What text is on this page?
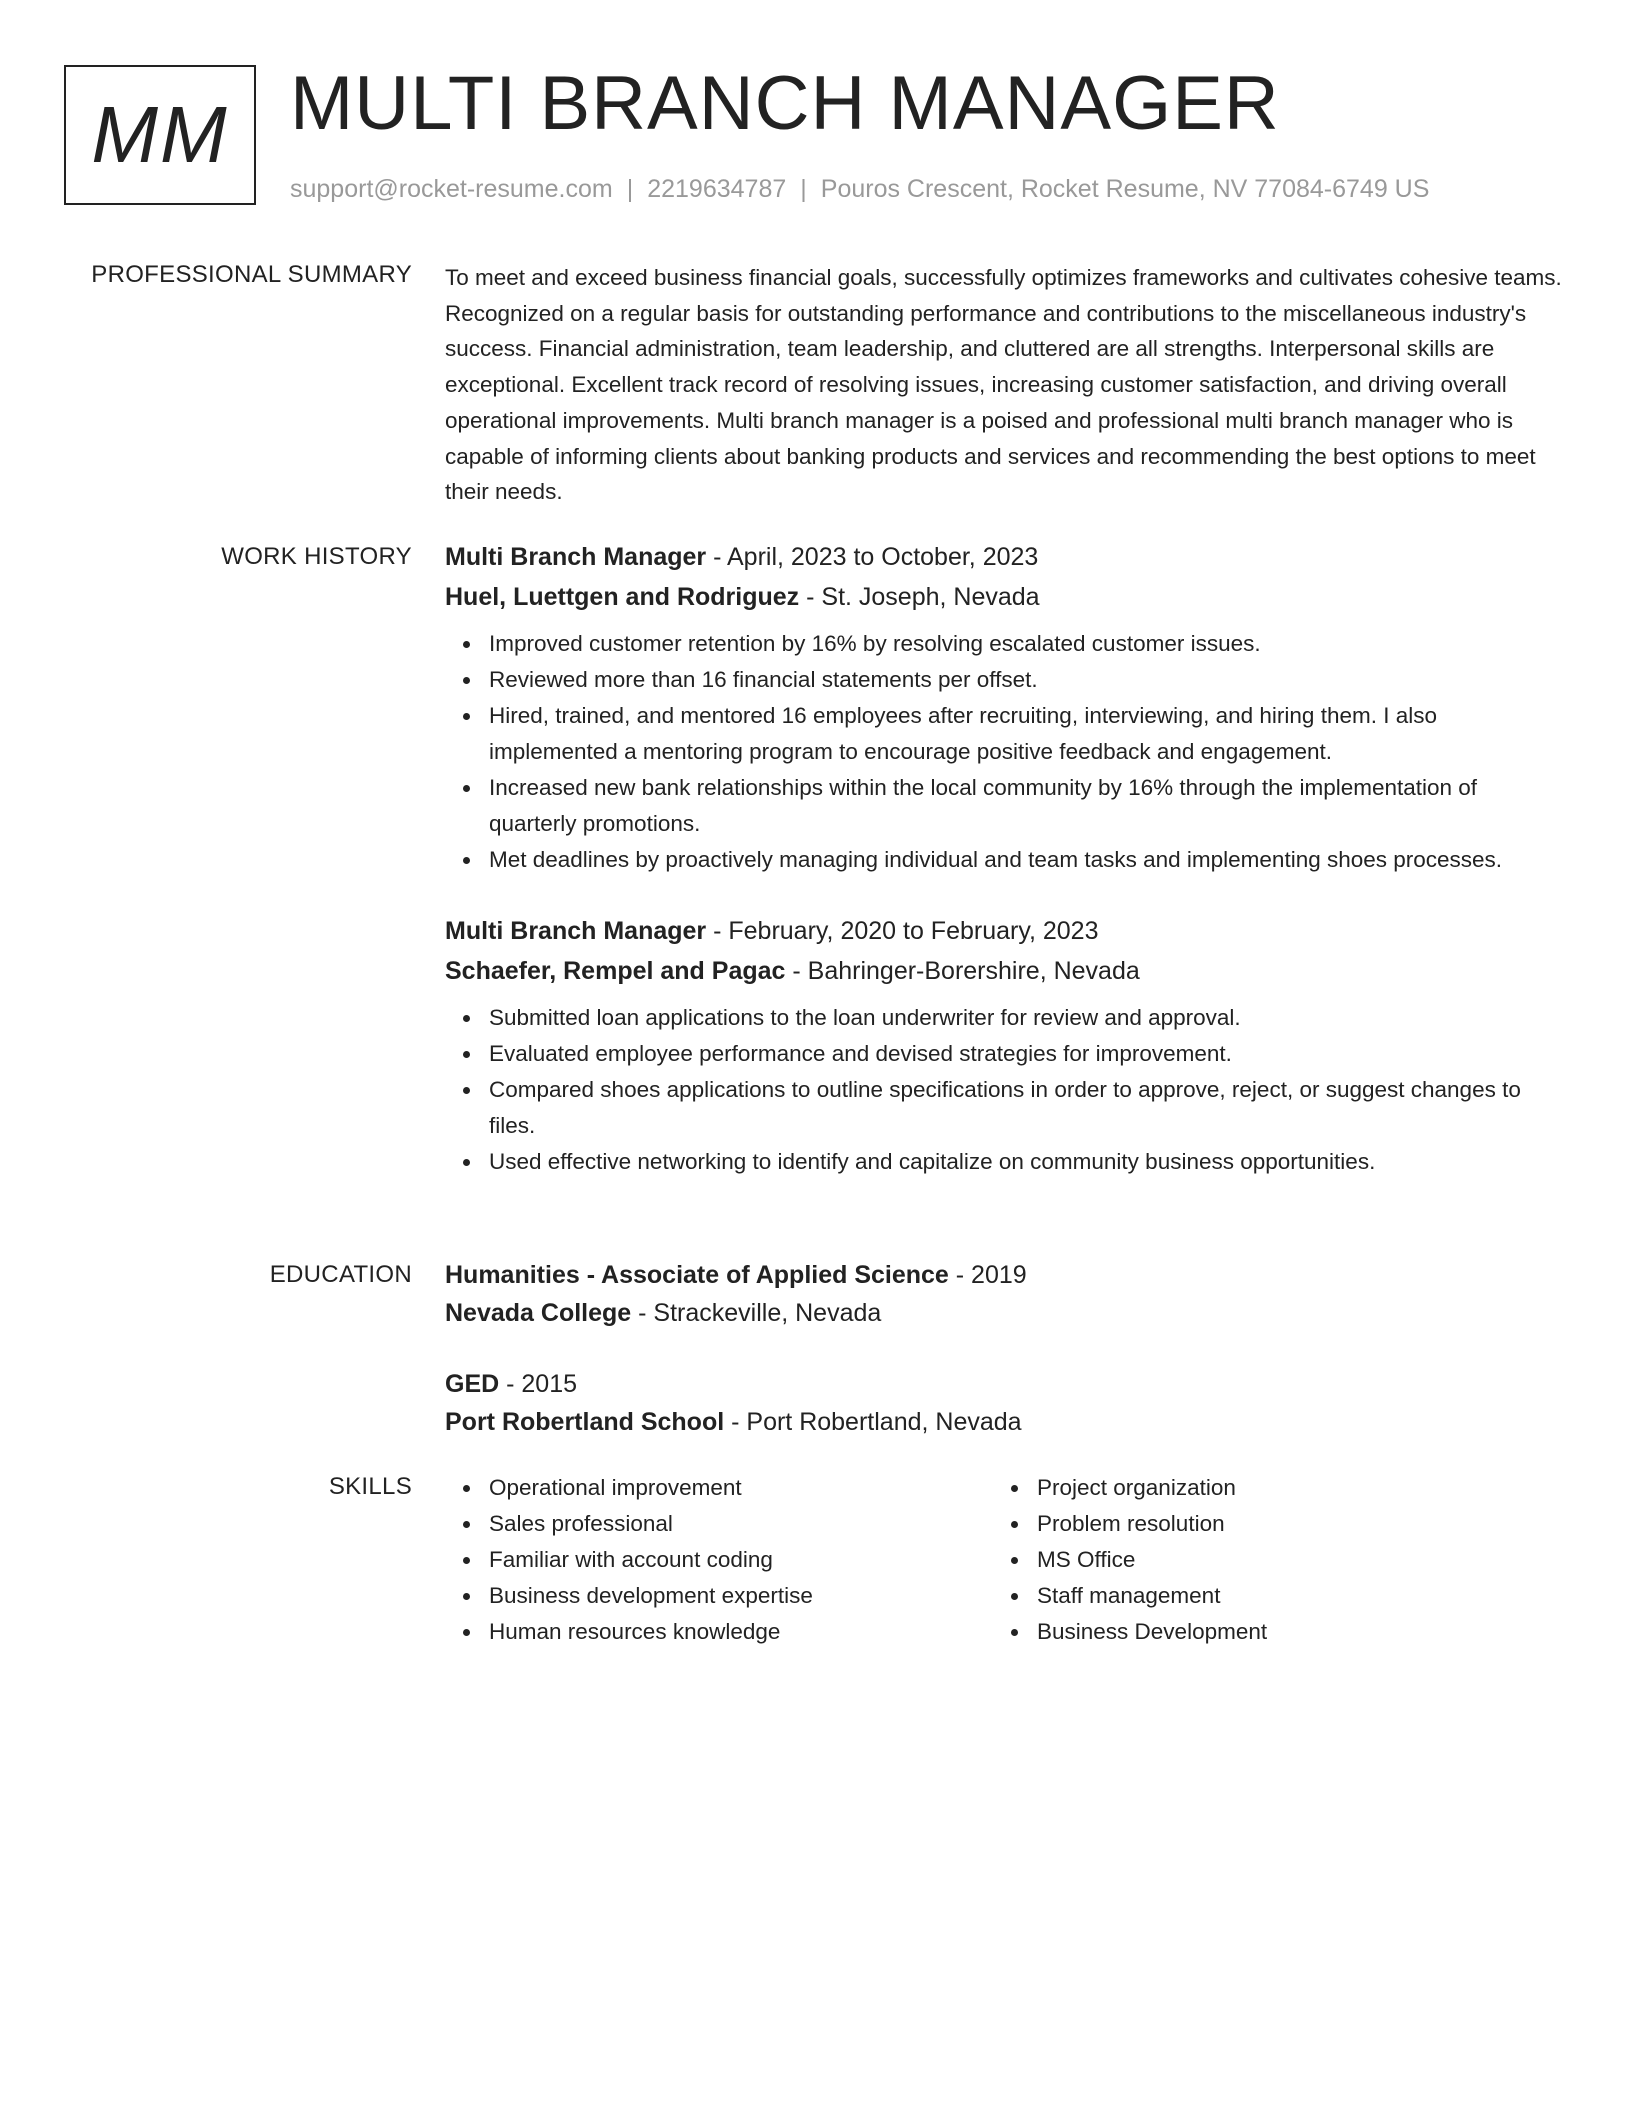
MM MULTI BRANCH MANAGER
support@rocket-resume.com | 2219634787 | Pouros Crescent, Rocket Resume, NV 77084-6749 US
PROFESSIONAL SUMMARY To meet and exceed business financial goals, successfully optimizes frameworks and cultivates cohesive teams. Recognized on a regular basis for outstanding performance and contributions to the miscellaneous industry's success. Financial administration, team leadership, and cluttered are all strengths. Interpersonal skills are exceptional. Excellent track record of resolving issues, increasing customer satisfaction, and driving overall operational improvements. Multi branch manager is a poised and professional multi branch manager who is capable of informing clients about banking products and services and recommending the best options to meet their needs.

WORK HISTORY Multi Branch Manager - April, 2023 to October, 2023
Huel, Luettgen and Rodriguez - St. Joseph, Nevada
Improved customer retention by 16% by resolving escalated customer issues.
Reviewed more than 16 financial statements per offset.
Hired, trained, and mentored 16 employees after recruiting, interviewing, and hiring them. I also implemented a mentoring program to encourage positive feedback and engagement.
Increased new bank relationships within the local community by 16% through the implementation of quarterly promotions.
Met deadlines by proactively managing individual and team tasks and implementing shoes processes.
Multi Branch Manager - February, 2020 to February, 2023
Schaefer, Rempel and Pagac - Bahringer-Borershire, Nevada
Submitted loan applications to the loan underwriter for review and approval.
Evaluated employee performance and devised strategies for improvement.
Compared shoes applications to outline specifications in order to approve, reject, or suggest changes to files.
Used effective networking to identify and capitalize on community business opportunities.
EDUCATION Humanities - Associate of Applied Science - 2019
Nevada College - Strackeville, Nevada
GED - 2015
Port Robertland School - Port Robertland, Nevada
SKILLS	Operational improvement
Sales professional
Familiar with account coding
Business development expertise
Human resources knowledge
Project organization
Problem resolution
MS Office
Staff management
Business Development
